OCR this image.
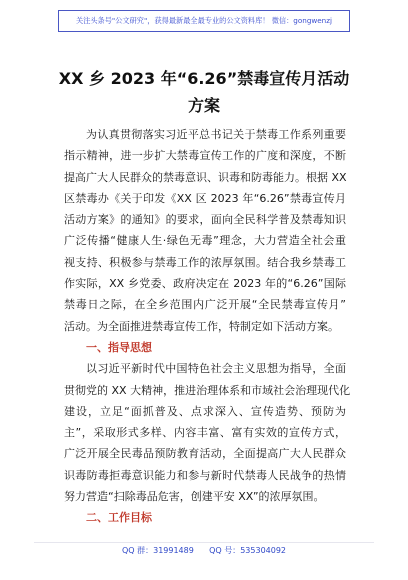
关注头条号"公文研究"，获得最新最全最专业的公文资料库！ 微信：gongwenzj
XX 乡 2023 年“6.26”禁毒宣传月活动
方案
为认真贯彻落实习近平总书记关于禁毒工作系列重要
指示精神，进一步扩大禁毒宣传工作的广度和深度，不断
提高广大人民群众的禁毒意识、识毒和防毒能力。根据 XX
区禁毒办《关于印发《XX 区 2023 年“6.26”禁毒宣传月
活动方案》的通知》的要求，面向全民科学普及禁毒知识
广泛传播“健康人生·绿色无毒”理念，大力营造全社会重
视支持、积极参与禁毒工作的浓厚氛围。结合我乡禁毒工
作实际，XX 乡党委、政府决定在 2023 年的“6.26”国际
禁毒日之际，在全乡范围内广泛开展“全民禁毒宣传月”
活动。为全面推进禁毒宣传工作，特制定如下活动方案。
一、指导思想
以习近平新时代中国特色社会主义思想为指导，全面
贯彻党的 XX 大精神，推进治理体系和市域社会治理现代化
建设，立足“面抓普及、点求深入、宣传造势、预防为
主”，采取形式多样、内容丰富、富有实效的宣传方式，
广泛开展全民毒品预防教育活动，全面提高广大人民群众
识毒防毒拒毒意识能力和参与新时代禁毒人民战争的热情
努力营造“扫除毒品危害，创建平安 XX”的浓厚氛围。
二、工作目标
QQ 群：31991489      QQ 号：535304092
